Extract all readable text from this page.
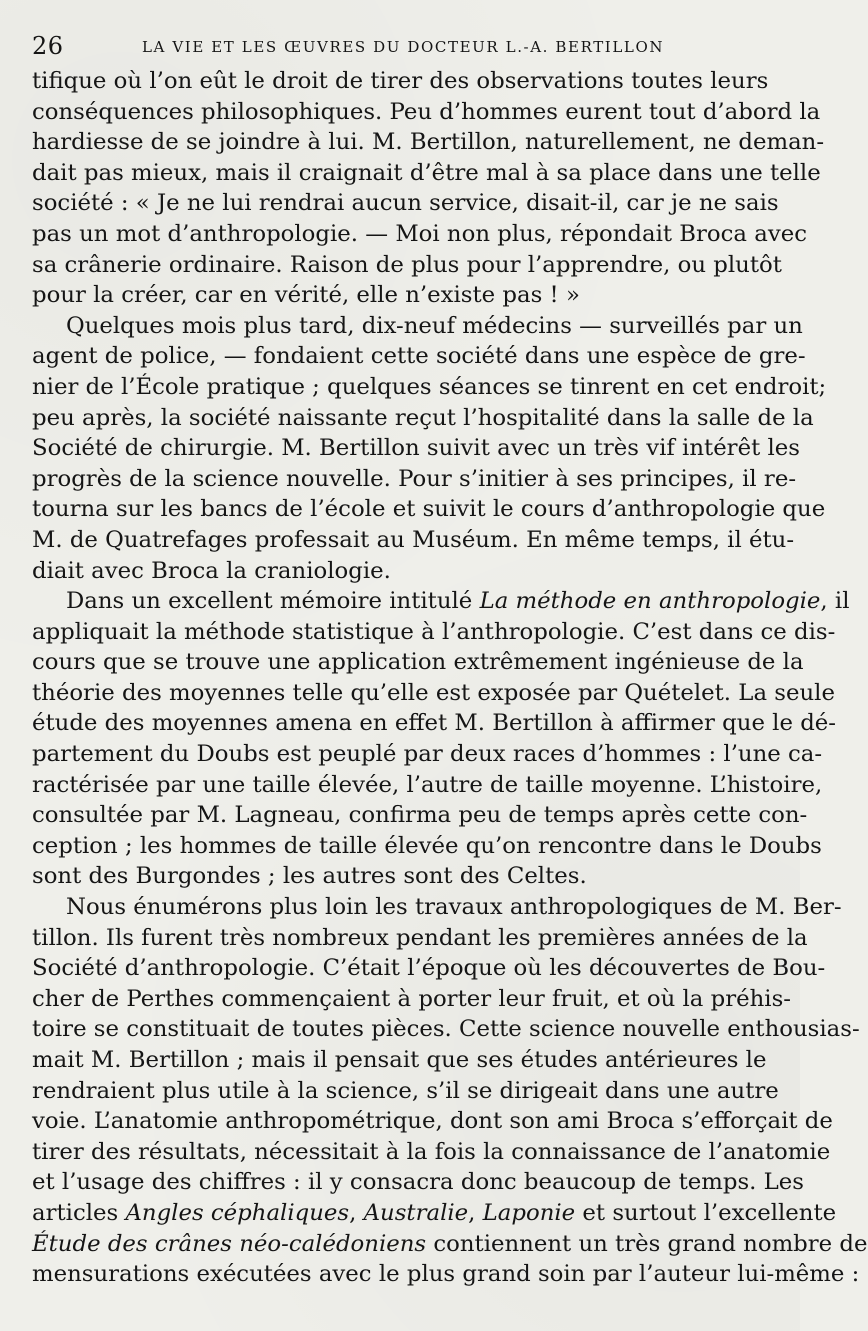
26	LA VIE ET LES ŒUVRES DU DOCTEUR L.-A. BERTILLON
tifique où l’on eût le droit de tirer des observations toutes leurs
conséquences philosophiques. Peu d’hommes eurent tout d’abord la
hardiesse de se joindre à lui. M. Bertillon, naturellement, ne deman-
dait pas mieux, mais il craignait d’être mal à sa place dans une telle
société : « Je ne lui rendrai aucun service, disait-il, car je ne sais
pas un mot d’anthropologie. — Moi non plus, répondait Broca avec
sa crânerie ordinaire. Raison de plus pour l’apprendre, ou plutôt
pour la créer, car en vérité, elle n’existe pas ! »
Quelques mois plus tard, dix-neuf médecins — surveillés par un
agent de police, — fondaient cette société dans une espèce de gre-
nier de l’École pratique ; quelques séances se tinrent en cet endroit;
peu après, la société naissante reçut l’hospitalité dans la salle de la
Société de chirurgie. M. Bertillon suivit avec un très vif intérêt les
progrès de la science nouvelle. Pour s’initier à ses principes, il re-
tourna sur les bancs de l’école et suivit le cours d’anthropologie que
M. de Quatrefages professait au Muséum. En même temps, il étu-
diait avec Broca la craniologie.
Dans un excellent mémoire intitulé La méthode en anthropologie, il
appliquait la méthode statistique à l’anthropologie. C’est dans ce dis-
cours que se trouve une application extrêmement ingénieuse de la
théorie des moyennes telle qu’elle est exposée par Quételet. La seule
étude des moyennes amena en effet M. Bertillon à affirmer que le dé-
partement du Doubs est peuplé par deux races d’hommes : l’une ca-
ractérisée par une taille élevée, l’autre de taille moyenne. L’histoire,
consultée par M. Lagneau, confirma peu de temps après cette con-
ception ; les hommes de taille élevée qu’on rencontre dans le Doubs
sont des Burgondes ; les autres sont des Celtes.
Nous énumérons plus loin les travaux anthropologiques de M. Ber-
tillon. Ils furent très nombreux pendant les premières années de la
Société d’anthropologie. C’était l’époque où les découvertes de Bou-
cher de Perthes commençaient à porter leur fruit, et où la préhis-
toire se constituait de toutes pièces. Cette science nouvelle enthousias-
mait M. Bertillon ; mais il pensait que ses études antérieures le
rendraient plus utile à la science, s’il se dirigeait dans une autre
voie. L’anatomie anthropométrique, dont son ami Broca s’efforçait de
tirer des résultats, nécessitait à la fois la connaissance de l’anatomie
et l’usage des chiffres : il y consacra donc beaucoup de temps. Les
articles Angles céphaliques, Australie, Laponie et surtout l’excellente
Étude des crânes néo-calédoniens contiennent un très grand nombre de
mensurations exécutées avec le plus grand soin par l’auteur lui-même :
